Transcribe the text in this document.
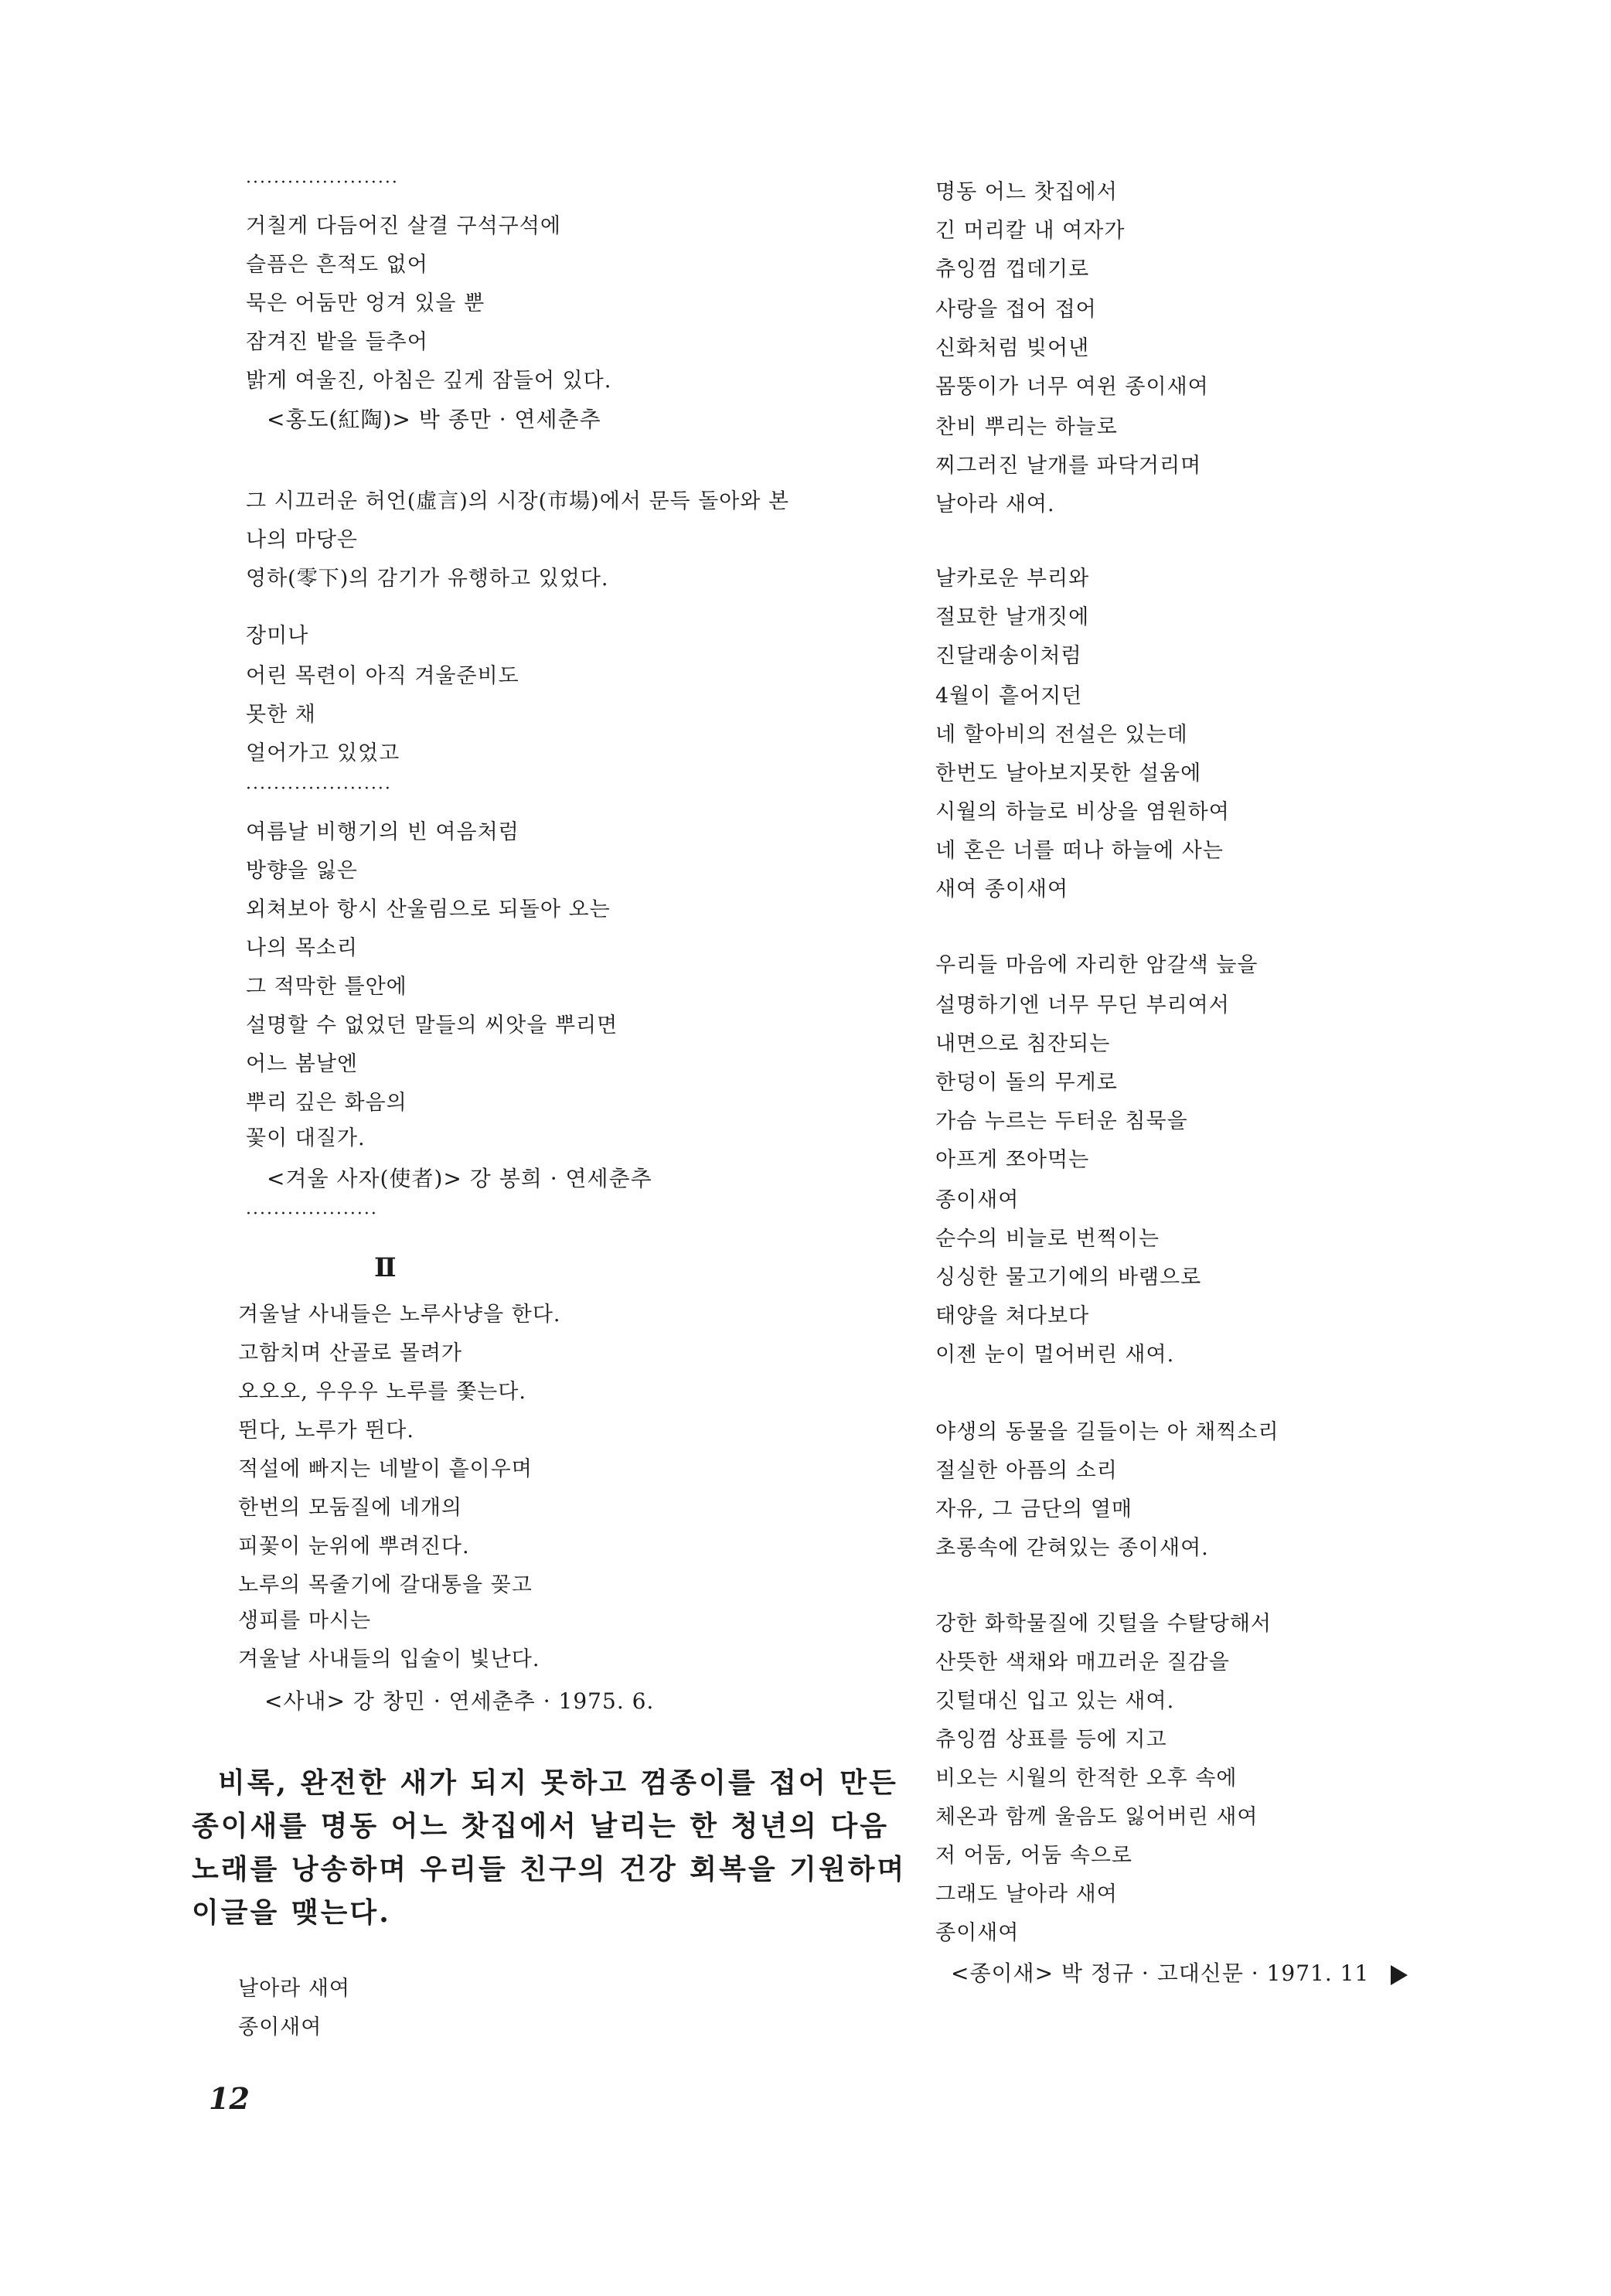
······················
거칠게 다듬어진 살결 구석구석에
슬픔은 흔적도 없어
묵은 어둠만 엉겨 있을 뿐
잠겨진 밭을 들추어
밝게 여울진, 아침은 깊게 잠들어 있다.
<홍도(紅陶)> 박 종만 · 연세춘추
그 시끄러운 허언(虛言)의 시장(市場)에서 문득 돌아와 본
나의 마당은
영하(零下)의 감기가 유행하고 있었다.
장미나
어린 목련이 아직 겨울준비도
못한 채
얼어가고 있었고
·····················
여름날 비행기의 빈 여음처럼
방향을 잃은
외쳐보아 항시 산울림으로 되돌아 오는
나의 목소리
그 적막한 틀안에
설명할 수 없었던 말들의 씨앗을 뿌리면
어느 봄날엔
뿌리 깊은 화음의
꽃이 대질가.
<겨울 사자(使者)> 강 봉희 · 연세춘추
···················
Ⅱ
겨울날 사내들은 노루사냥을 한다.
고함치며 산골로 몰려가
오오오, 우우우 노루를 쫓는다.
뛴다, 노루가 뛴다.
적설에 빠지는 네발이 흩이우며
한번의 모둠질에 네개의
피꽃이 눈위에 뿌려진다.
노루의 목줄기에 갈대통을 꽂고
생피를 마시는
겨울날 사내들의 입술이 빛난다.
<사내> 강 창민 · 연세춘추 · 1975. 6.
비록, 완전한 새가 되지 못하고 껌종이를 접어 만든
종이새를 명동 어느 찻집에서 날리는 한 청년의 다음
노래를 낭송하며 우리들 친구의 건강 회복을 기원하며
이글을 맺는다.
날아라 새여
종이새여
12
명동 어느 찻집에서
긴 머리칼 내 여자가
츄잉껌 껍데기로
사랑을 접어 접어
신화처럼 빚어낸
몸뚱이가 너무 여윈 종이새여
찬비 뿌리는 하늘로
찌그러진 날개를 파닥거리며
날아라 새여.
날카로운 부리와
절묘한 날개짓에
진달래송이처럼
4월이 흩어지던
네 할아비의 전설은 있는데
한번도 날아보지못한 설움에
시월의 하늘로 비상을 염원하여
네 혼은 너를 떠나 하늘에 사는
새여 종이새여
우리들 마음에 자리한 암갈색 늪을
설명하기엔 너무 무딘 부리여서
내면으로 침잔되는
한덩이 돌의 무게로
가슴 누르는 두터운 침묵을
아프게 쪼아먹는
종이새여
순수의 비늘로 번쩍이는
싱싱한 물고기에의 바램으로
태양을 쳐다보다
이젠 눈이 멀어버린 새여.
야생의 동물을 길들이는 아 채찍소리
절실한 아픔의 소리
자유, 그 금단의 열매
초롱속에 갇혀있는 종이새여.
강한 화학물질에 깃털을 수탈당해서
산뜻한 색채와 매끄러운 질감을
깃털대신 입고 있는 새여.
츄잉껌 상표를 등에 지고
비오는 시월의 한적한 오후 속에
체온과 함께 울음도 잃어버린 새여
저 어둠, 어둠 속으로
그래도 날아라 새여
종이새여
<종이새> 박 정규 · 고대신문 · 1971. 11
